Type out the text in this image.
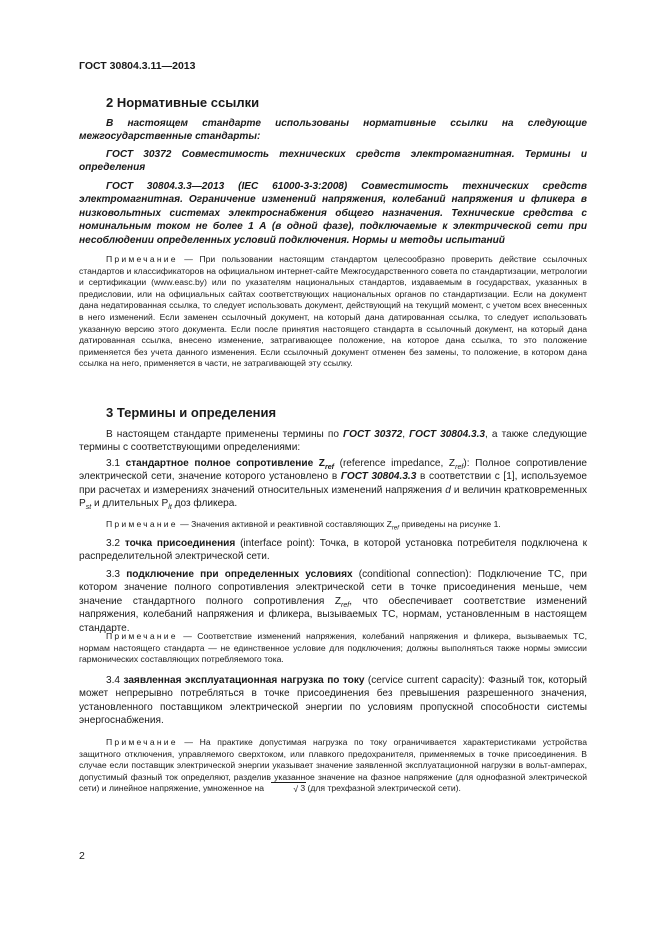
ГОСТ 30804.3.11—2013
2 Нормативные ссылки
В настоящем стандарте использованы нормативные ссылки на следующие межгосударственные стандарты:
ГОСТ 30372 Совместимость технических средств электромагнитная. Термины и определения
ГОСТ 30804.3.3—2013 (IEC 61000-3-3:2008) Совместимость технических средств электромагнитная. Ограничение изменений напряжения, колебаний напряжения и фликера в низковольтных системах электроснабжения общего назначения. Технические средства с номинальным током не более 1 А (в одной фазе), подключаемые к электрической сети при несоблюдении определенных условий подключения. Нормы и методы испытаний
Примечание — При пользовании настоящим стандартом целесообразно проверить действие ссылочных стандартов и классификаторов на официальном интернет-сайте Межгосударственного совета по стандартизации, метрологии и сертификации (www.easc.by) или по указателям национальных стандартов, издаваемым в государствах, указанных в предисловии, или на официальных сайтах соответствующих национальных органов по стандартизации. Если на документ дана недатированная ссылка, то следует использовать документ, действующий на текущий момент, с учетом всех внесенных в него изменений. Если заменен ссылочный документ, на который дана датированная ссылка, то следует использовать указанную версию этого документа. Если после принятия настоящего стандарта в ссылочный документ, на который дана датированная ссылка, внесено изменение, затрагивающее положение, на которое дана ссылка, то это положение применяется без учета данного изменения. Если ссылочный документ отменен без замены, то положение, в котором дана ссылка на него, применяется в части, не затрагивающей эту ссылку.
3 Термины и определения
В настоящем стандарте применены термины по ГОСТ 30372, ГОСТ 30804.3.3, а также следующие термины с соответствующими определениями:
3.1 стандартное полное сопротивление $Z_{ref}$ (reference impedance, $Z_{ref}$): Полное сопротивление электрической сети, значение которого установлено в ГОСТ 30804.3.3 в соответствии с [1], используемое при расчетах и измерениях значений относительных изменений напряжения d и величин кратковременных $P_{st}$ и длительных $P_{lt}$ доз фликера.
Примечание — Значения активной и реактивной составляющих $Z_{ref}$ приведены на рисунке 1.
3.2 точка присоединения (interface point): Точка, в которой установка потребителя подключена к распределительной электрической сети.
3.3 подключение при определенных условиях (conditional connection): Подключение ТС, при котором значение полного сопротивления электрической сети в точке присоединения меньше, чем значение стандартного полного сопротивления $Z_{ref}$, что обеспечивает соответствие изменений напряжения, колебаний напряжения и фликера, вызываемых ТС, нормам, установленным в настоящем стандарте.
Примечание — Соответствие изменений напряжения, колебаний напряжения и фликера, вызываемых ТС, нормам настоящего стандарта — не единственное условие для подключения; должны выполняться также нормы эмиссии гармонических составляющих потребляемого тока.
3.4 заявленная эксплуатационная нагрузка по току (cervice current capacity): Фазный ток, который может непрерывно потребляться в точке присоединения без превышения разрешенного значения, установленного поставщиком электрической энергии по условиям пропускной способности системы энергоснабжения.
Примечание — На практике допустимая нагрузка по току ограничивается характеристиками устройства защитного отключения, управляемого сверхтоком, или плавкого предохранителя, применяемых в точке присоединения. В случае если поставщик электрической энергии указывает значение заявленной эксплуатационной нагрузки в вольт-амперах, допустимый фазный ток определяют, разделив указанное значение на фазное напряжение (для однофазной электрической сети) и линейное напряжение, умноженное на	√ 3 (для трехфазной электрической сети).
2
